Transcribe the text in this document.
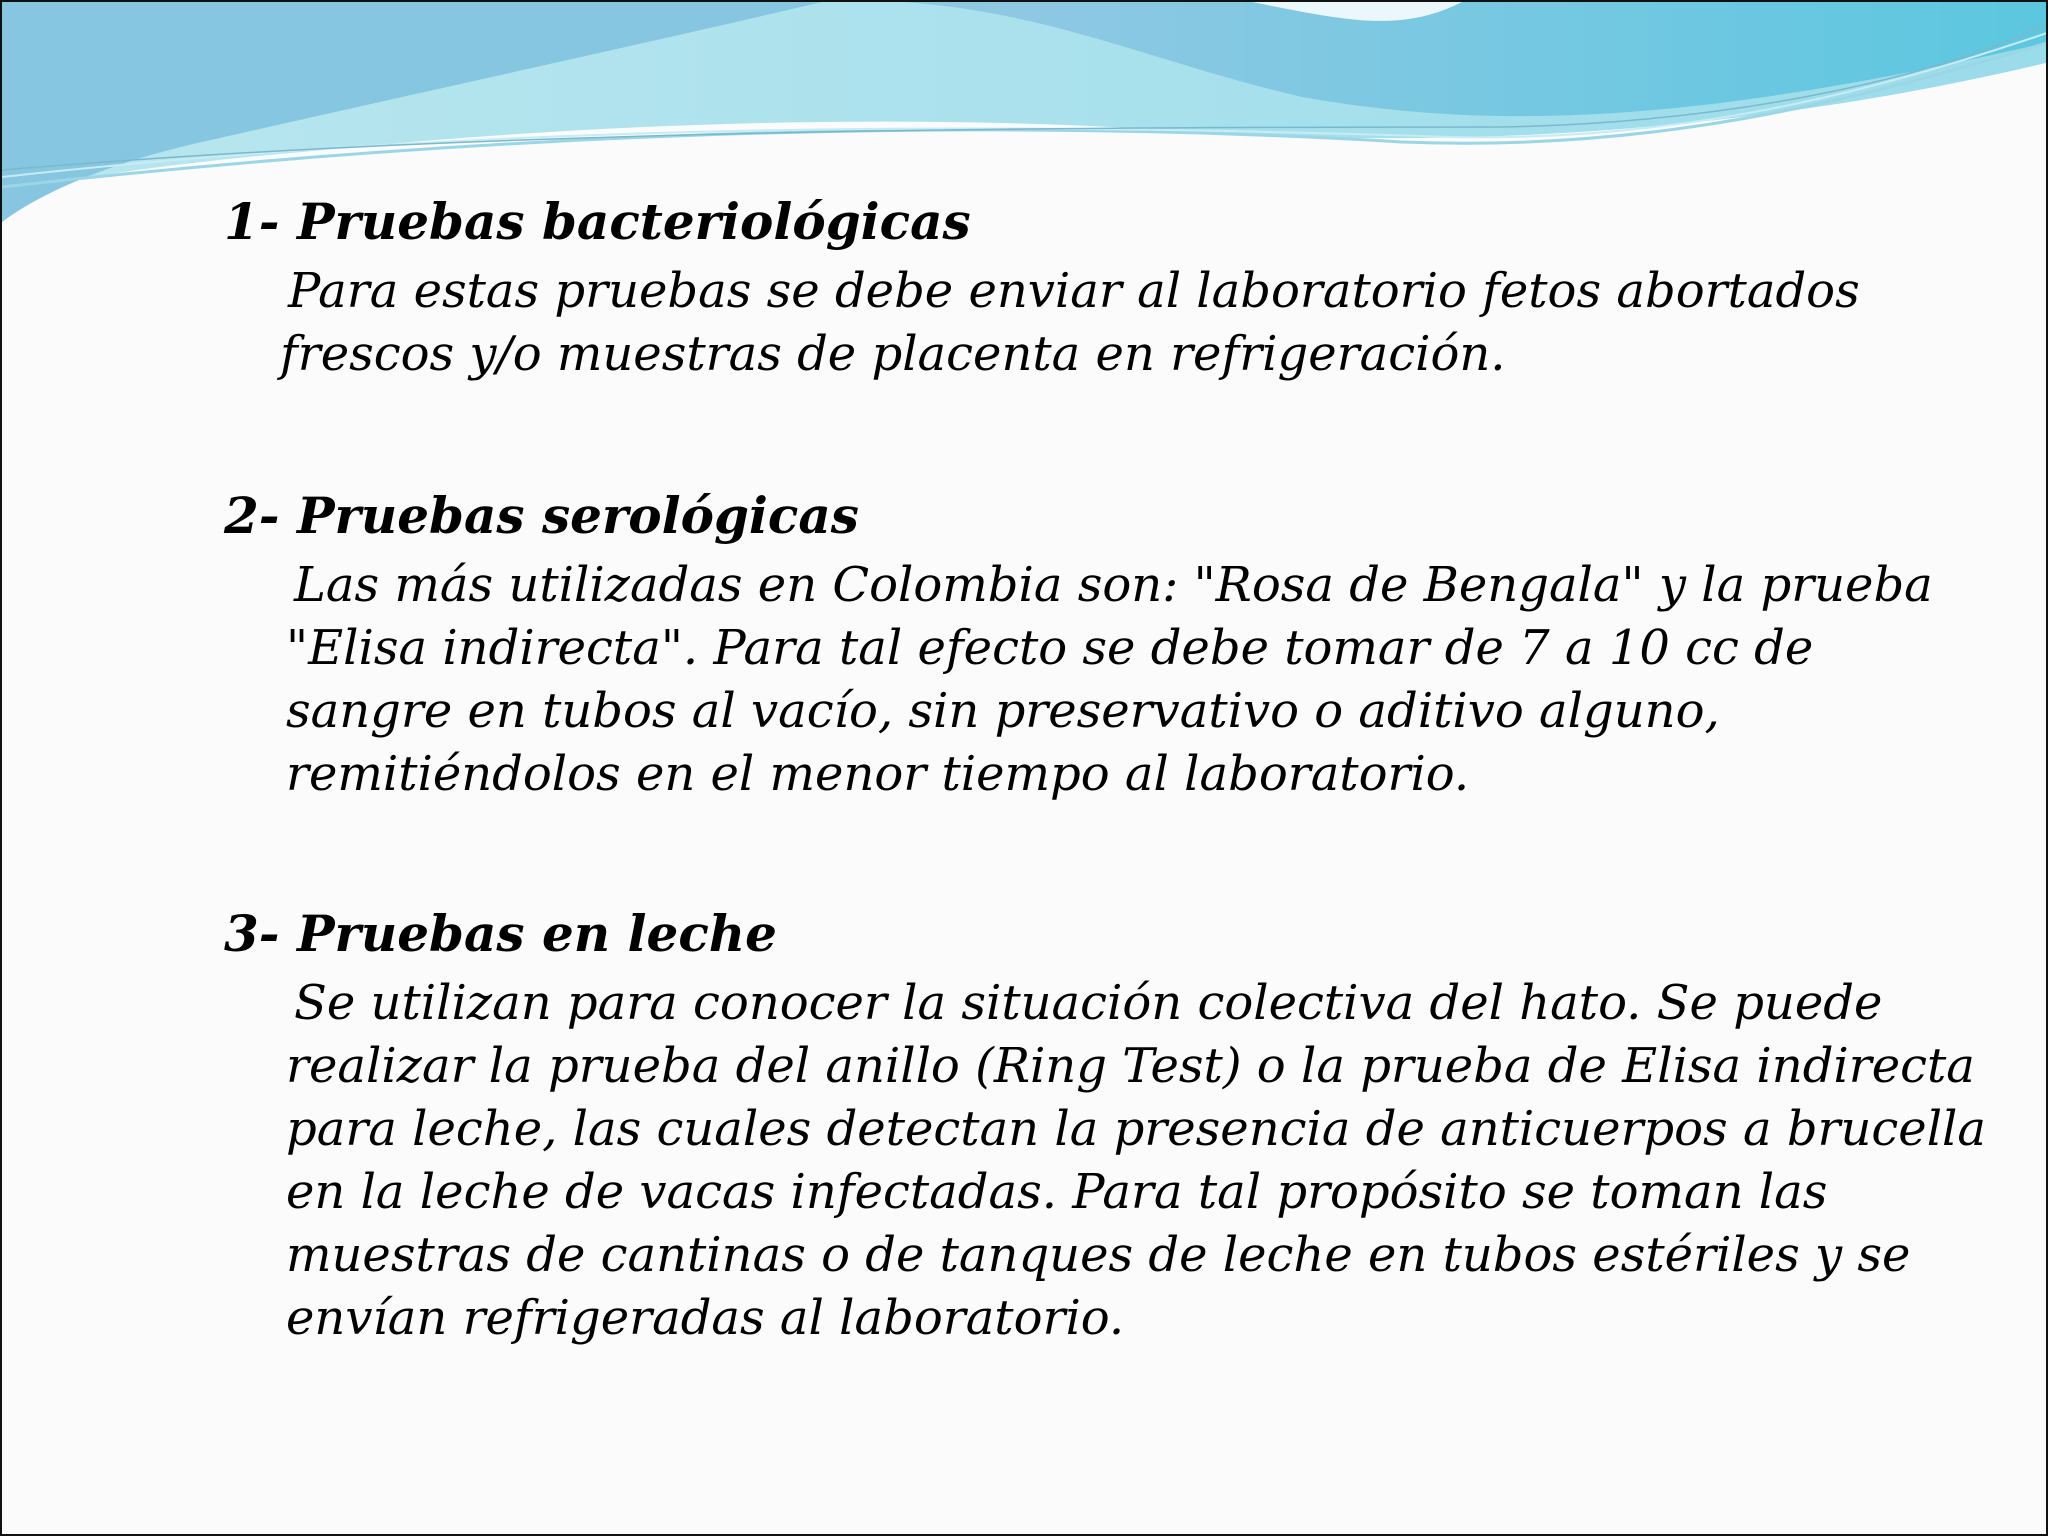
1- Pruebas bacteriológicas

Para estas pruebas se debe enviar al laboratorio fetos abortados frescos y/o muestras de placenta en refrigeración.

2- Pruebas serológicas

Las más utilizadas en Colombia son: "Rosa de Bengala" y la prueba "Elisa indirecta". Para tal efecto se debe tomar de 7 a 10 cc de sangre en tubos al vacío, sin preservativo o aditivo alguno, remitiéndolos en el menor tiempo al laboratorio.

3- Pruebas en leche

Se utilizan para conocer la situación colectiva del hato. Se puede realizar la prueba del anillo (Ring Test) o la prueba de Elisa indirecta para leche, las cuales detectan la presencia de anticuerpos a brucella en la leche de vacas infectadas. Para tal propósito se toman las muestras de cantinas o de tanques de leche en tubos estériles y se envían refrigeradas al laboratorio.
